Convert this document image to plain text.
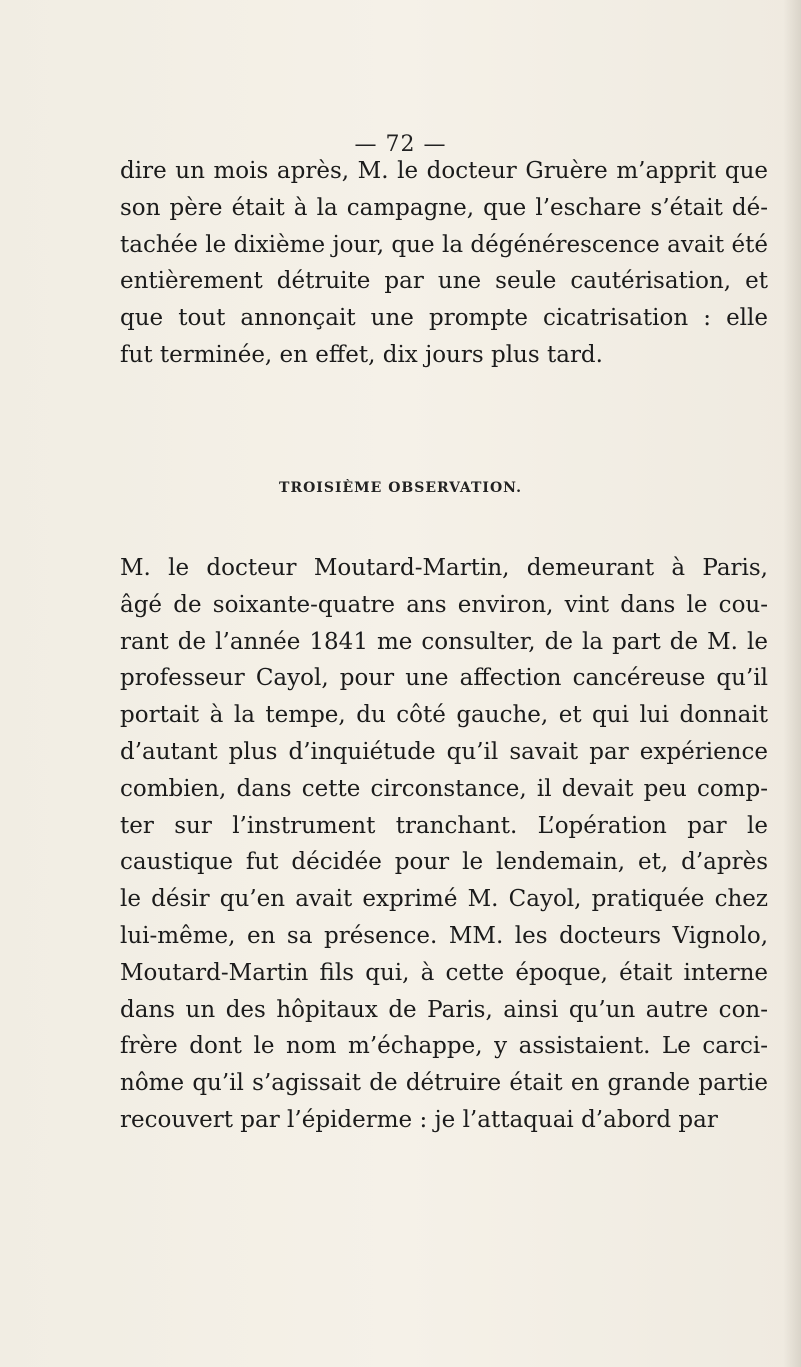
— 72 —
dire un mois après, M. le docteur Gruère m’apprit que
son père était à la campagne, que l’eschare s’était dé-
tachée le dixième jour, que la dégénérescence avait été
entièrement détruite par une seule cautérisation, et
que tout annonçait une prompte cicatrisation : elle
fut terminée, en effet, dix jours plus tard.
TROISIÈME OBSERVATION.
M. le docteur Moutard-Martin, demeurant à Paris,
âgé de soixante-quatre ans environ, vint dans le cou-
rant de l’année 1841 me consulter, de la part de M. le
professeur Cayol, pour une affection cancéreuse qu’il
portait à la tempe, du côté gauche, et qui lui donnait
d’autant plus d’inquiétude qu’il savait par expérience
combien, dans cette circonstance, il devait peu comp-
ter sur l’instrument tranchant. L’opération par le
caustique fut décidée pour le lendemain, et, d’après
le désir qu’en avait exprimé M. Cayol, pratiquée chez
lui-même, en sa présence. MM. les docteurs Vignolo,
Moutard-Martin fils qui, à cette époque, était interne
dans un des hôpitaux de Paris, ainsi qu’un autre con-
frère dont le nom m’échappe, y assistaient. Le carci-
nôme qu’il s’agissait de détruire était en grande partie
recouvert par l’épiderme : je l’attaquai d’abord par
